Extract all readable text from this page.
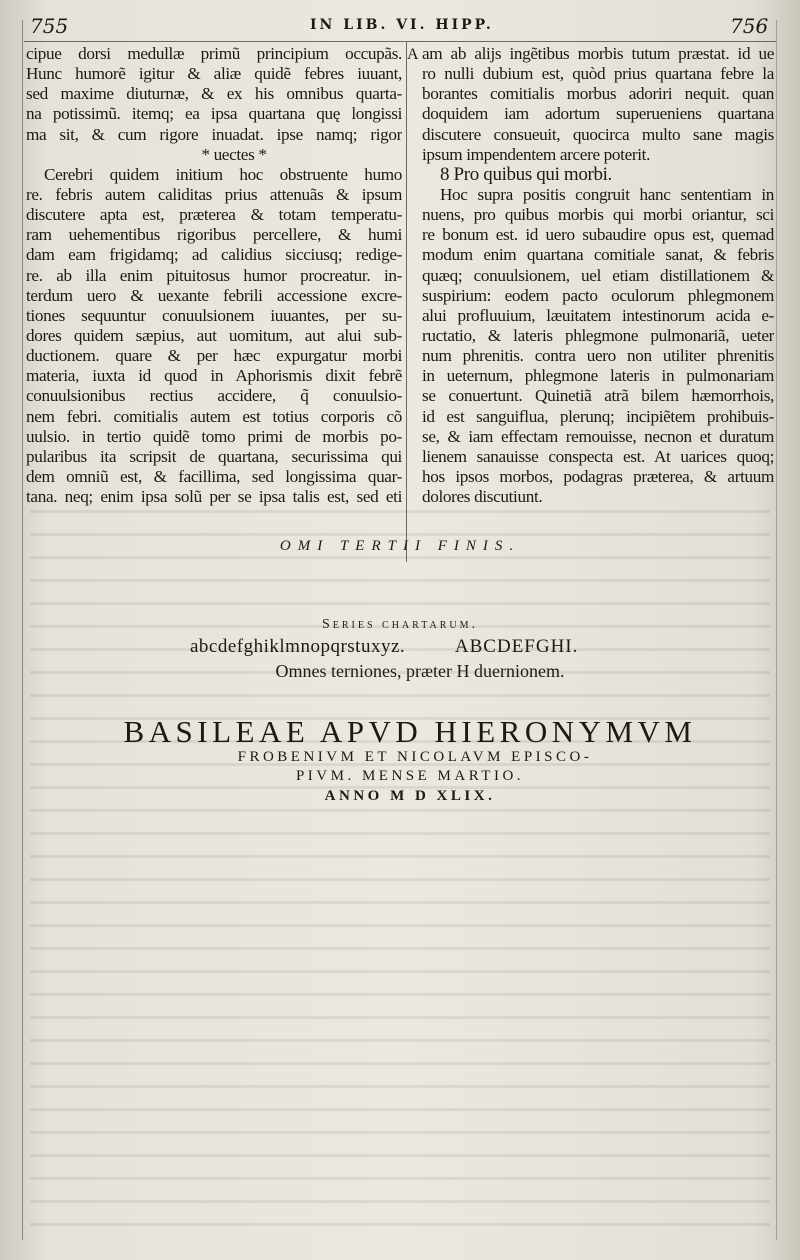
755	IN LIB. VI. HIPP.	756
A
cipue dorsi medullæ primũ principium occupãs.
Hunc humorẽ igitur & aliæ quidẽ febres iuuant,
sed maxime diuturnæ, & ex his omnibus quarta-
na potissimũ. itemq; ea ipsa quartana quę longissi
ma sit, & cum rigore inuadat. ipse namq; rigor
* uectes *
Cerebri quidem initium hoc obstruente humo
re. febris autem caliditas prius attenuãs & ipsum
discutere apta est, præterea & totam temperatu-
ram uehementibus rigoribus percellere, & humi
dam eam frigidamq; ad calidius sicciusq; redige-
re. ab illa enim pituitosus humor procreatur. in-
terdum uero & uexante febrili accessione excre-
tiones sequuntur conuulsionem iuuantes, per su-
dores quidem sæpius, aut uomitum, aut alui sub-
ductionem. quare & per hæc expurgatur morbi
materia, iuxta id quod in Aphorismis dixit febrẽ
conuulsionibus rectius accidere, q̃ conuulsio-
nem febri. comitialis autem est totius corporis cõ
uulsio. in tertio quidẽ tomo primi de morbis po-
pularibus ita scripsit de quartana, securissima qui
dem omniũ est, & facillima, sed longissima quar-
tana. neq; enim ipsa solũ per se ipsa talis est, sed eti
am ab alijs ingẽtibus morbis tutum præstat. id ue
ro nulli dubium est, quòd prius quartana febre la
borantes comitialis morbus adoriri nequit. quan
doquidem iam adortum superueniens quartana
discutere consueuit, quocirca multo sane magis
ipsum impendentem arcere poterit.
8 Pro quibus qui morbi.
Hoc supra positis congruit hanc sententiam in
nuens, pro quibus morbis qui morbi oriantur, sci
re bonum est. id uero subaudire opus est, quemad
modum enim quartana comitiale sanat, & febris
quæq; conuulsionem, uel etiam distillationem &
suspirium: eodem pacto oculorum phlegmonem
alui profluuium, læuitatem intestinorum acida e-
ructatio, & lateris phlegmone pulmonariã, ueter
num phrenitis. contra uero non utiliter phrenitis
in ueternum, phlegmone lateris in pulmonariam
se conuertunt. Quinetiã atrã bilem hæmorrhois,
id est sanguiflua, plerunq; incipiẽtem prohibuis-
se, & iam effectam remouisse, necnon et duratum
lienem sanauisse conspecta est. At uarices quoq;
hos ipsos morbos, podagras præterea, & artuum
dolores discutiunt.
OMI TERTII FINIS.
Series chartarum.
abcdefghiklmnopqrstuxyz.	ABCDEFGHI.
Omnes terniones, præter H duernionem.
BASILEAE APVD HIERONYMVM
FROBENIVM ET NICOLAVM EPISCO-
PIVM. MENSE MARTIO.
ANNO M D XLIX.
